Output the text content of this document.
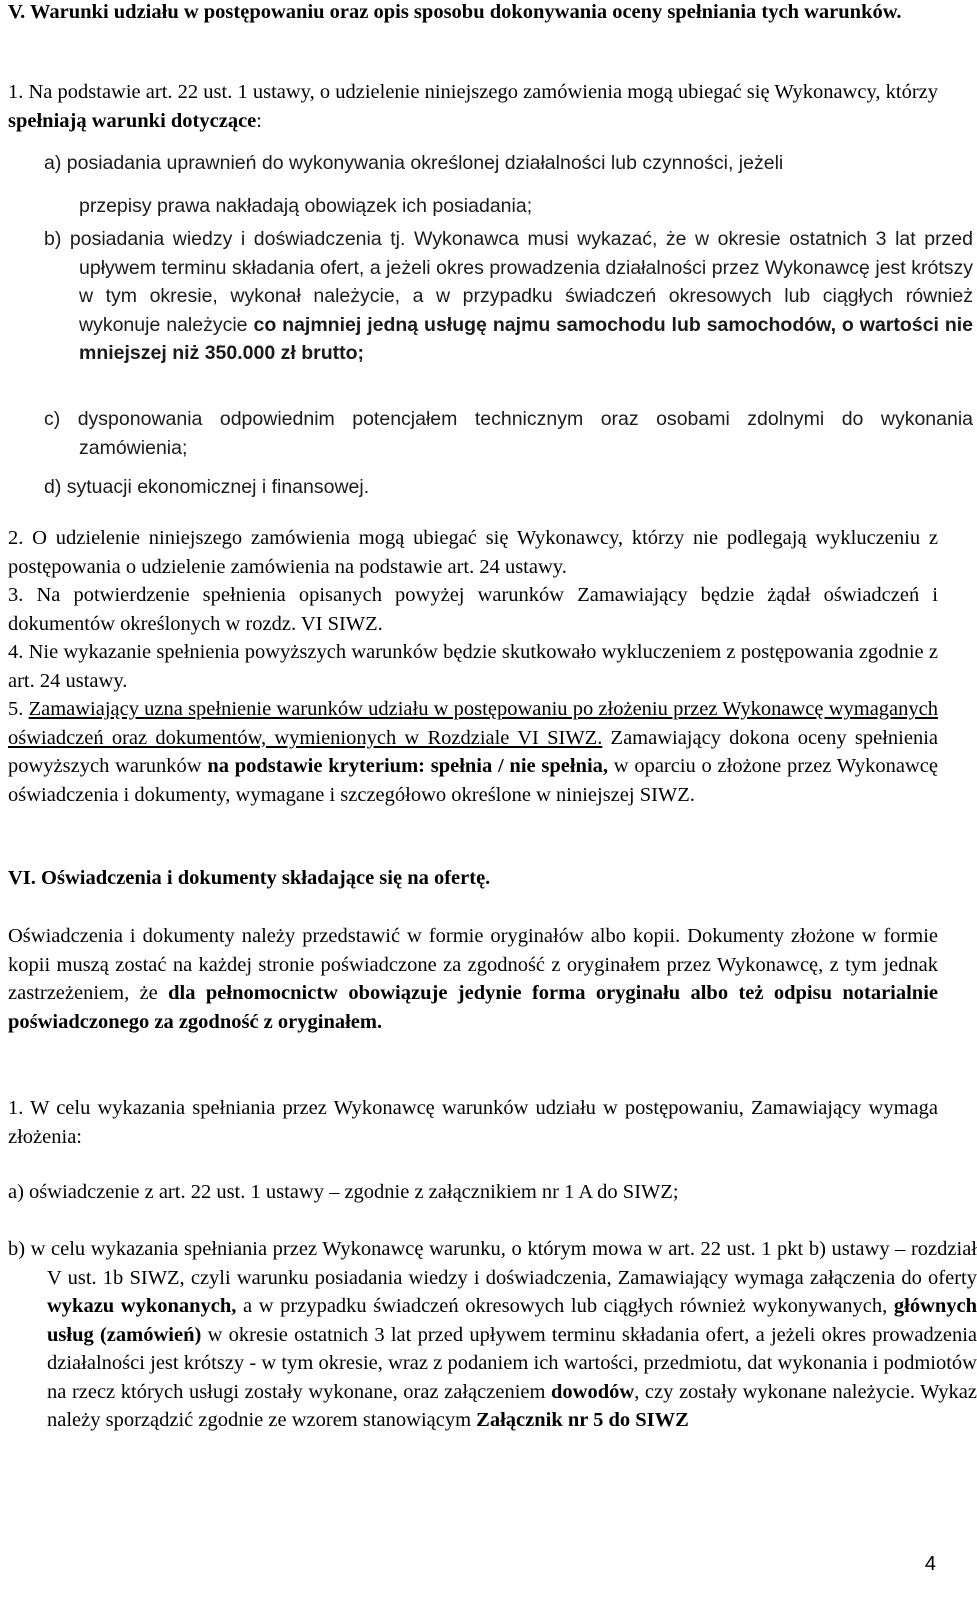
V. Warunki udziału w postępowaniu oraz opis sposobu dokonywania oceny spełniania tych warunków.

1. Na podstawie art. 22 ust. 1 ustawy, o udzielenie niniejszego zamówienia mogą ubiegać się Wykonawcy, którzy spełniają warunki dotyczące:

a) posiadania uprawnień do wykonywania określonej działalności lub czynności, jeżeli

przepisy prawa nakładają obowiązek ich posiadania;

b) posiadania wiedzy i doświadczenia tj. Wykonawca musi wykazać, że w okresie ostatnich 3 lat przed upływem terminu składania ofert, a jeżeli okres prowadzenia działalności przez Wykonawcę jest krótszy w tym okresie, wykonał należycie, a w przypadku świadczeń okresowych lub ciągłych również wykonuje należycie co najmniej jedną usługę najmu samochodu lub samochodów, o wartości nie mniejszej niż 350.000 zł brutto;

c) dysponowania odpowiednim potencjałem technicznym oraz osobami zdolnymi do wykonania zamówienia;

d) sytuacji ekonomicznej i finansowej.

2. O udzielenie niniejszego zamówienia mogą ubiegać się Wykonawcy, którzy nie podlegają wykluczeniu z postępowania o udzielenie zamówienia na podstawie art. 24 ustawy.

3. Na potwierdzenie spełnienia opisanych powyżej warunków Zamawiający będzie żądał oświadczeń i dokumentów określonych w rozdz. VI SIWZ.

4. Nie wykazanie spełnienia powyższych warunków będzie skutkowało wykluczeniem z postępowania zgodnie z art. 24 ustawy.

5. Zamawiający uzna spełnienie warunków udziału w postępowaniu po złożeniu przez Wykonawcę wymaganych oświadczeń oraz dokumentów, wymienionych w Rozdziale VI SIWZ. Zamawiający dokona oceny spełnienia powyższych warunków na podstawie kryterium: spełnia / nie spełnia, w oparciu o złożone przez Wykonawcę oświadczenia i dokumenty, wymagane i szczegółowo określone w niniejszej SIWZ.

VI. Oświadczenia i dokumenty składające się na ofertę.

Oświadczenia i dokumenty należy przedstawić w formie oryginałów albo kopii. Dokumenty złożone w formie kopii muszą zostać na każdej stronie poświadczone za zgodność z oryginałem przez Wykonawcę, z tym jednak zastrzeżeniem, że dla pełnomocnictw obowiązuje jedynie forma oryginału albo też odpisu notarialnie poświadczonego za zgodność z oryginałem.

1. W celu wykazania spełniania przez Wykonawcę warunków udziału w postępowaniu, Zamawiający wymaga złożenia:

a) oświadczenie z art. 22 ust. 1 ustawy – zgodnie z załącznikiem nr 1 A do SIWZ;

b) w celu wykazania spełniania przez Wykonawcę warunku, o którym mowa w art. 22 ust. 1 pkt b) ustawy – rozdział V ust. 1b SIWZ, czyli warunku posiadania wiedzy i doświadczenia, Zamawiający wymaga załączenia do oferty wykazu wykonanych, a w przypadku świadczeń okresowych lub ciągłych również wykonywanych, głównych usług (zamówień) w okresie ostatnich 3 lat przed upływem terminu składania ofert, a jeżeli okres prowadzenia działalności jest krótszy - w tym okresie, wraz z podaniem ich wartości, przedmiotu, dat wykonania i podmiotów na rzecz których usługi zostały wykonane, oraz załączeniem dowodów, czy zostały wykonane należycie. Wykaz należy sporządzić zgodnie ze wzorem stanowiącym Załącznik nr 5 do SIWZ

4
